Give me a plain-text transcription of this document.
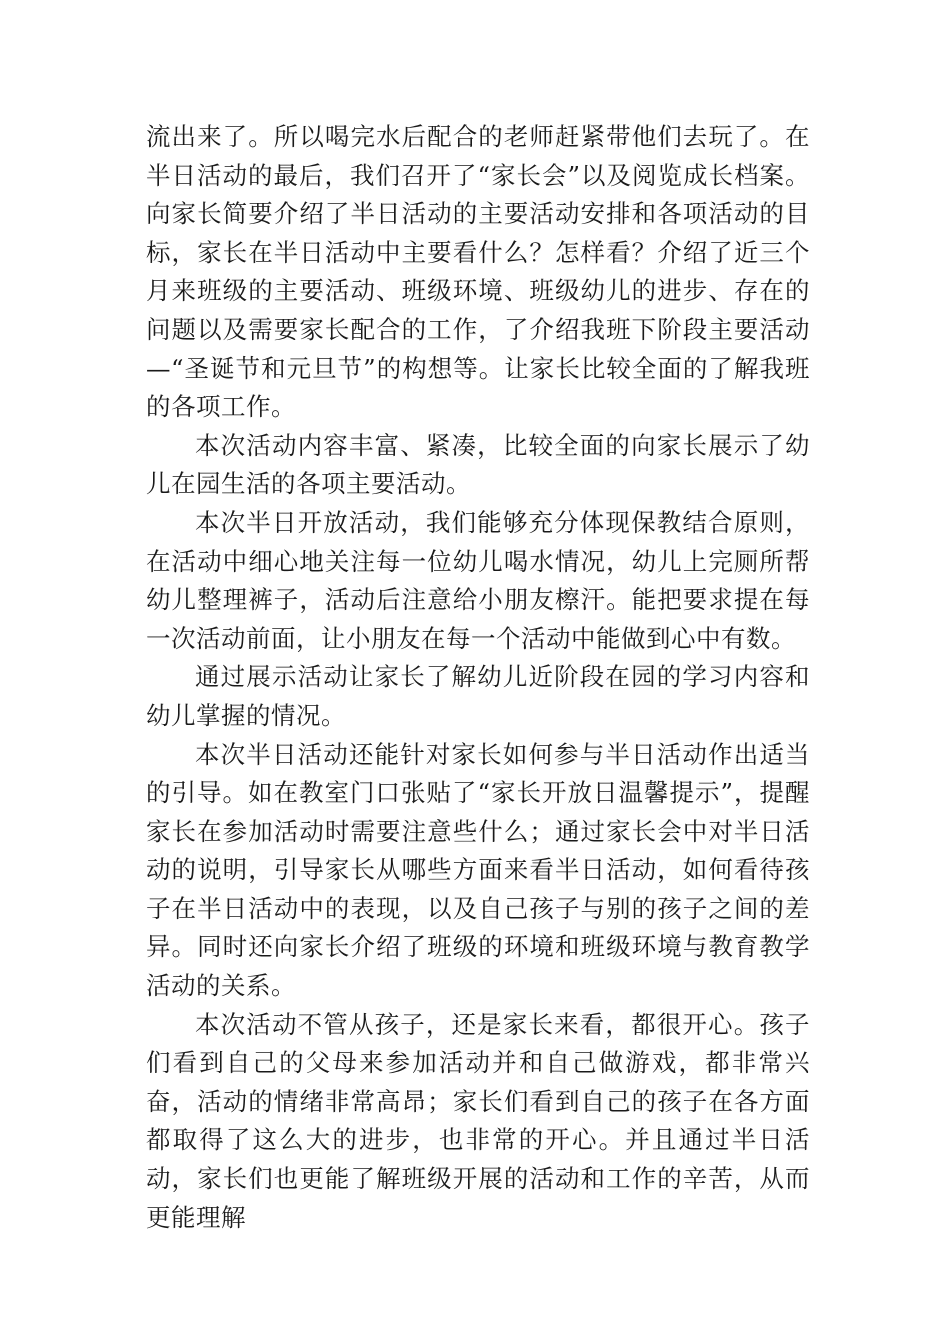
流出来了。所以喝完水后配合的老师赶紧带他们去玩了。在半日活动的最后，我们召开了“家长会”以及阅览成长档案。向家长简要介绍了半日活动的主要活动安排和各项活动的目标，家长在半日活动中主要看什么？怎样看？介绍了近三个月来班级的主要活动、班级环境、班级幼儿的进步、存在的问题以及需要家长配合的工作，了介绍我班下阶段主要活动—“圣诞节和元旦节”的构想等。让家长比较全面的了解我班的各项工作。

本次活动内容丰富、紧凑，比较全面的向家长展示了幼儿在园生活的各项主要活动。

本次半日开放活动，我们能够充分体现保教结合原则，在活动中细心地关注每一位幼儿喝水情况，幼儿上完厕所帮幼儿整理裤子，活动后注意给小朋友檫汗。能把要求提在每一次活动前面，让小朋友在每一个活动中能做到心中有数。

通过展示活动让家长了解幼儿近阶段在园的学习内容和幼儿掌握的情况。

本次半日活动还能针对家长如何参与半日活动作出适当的引导。如在教室门口张贴了“家长开放日温馨提示”，提醒家长在参加活动时需要注意些什么；通过家长会中对半日活动的说明，引导家长从哪些方面来看半日活动，如何看待孩子在半日活动中的表现，以及自己孩子与别的孩子之间的差异。同时还向家长介绍了班级的环境和班级环境与教育教学活动的关系。

本次活动不管从孩子，还是家长来看，都很开心。孩子们看到自己的父母来参加活动并和自己做游戏，都非常兴奋，活动的情绪非常高昂；家长们看到自己的孩子在各方面都取得了这么大的进步，也非常的开心。并且通过半日活动，家长们也更能了解班级开展的活动和工作的辛苦，从而更能理解
